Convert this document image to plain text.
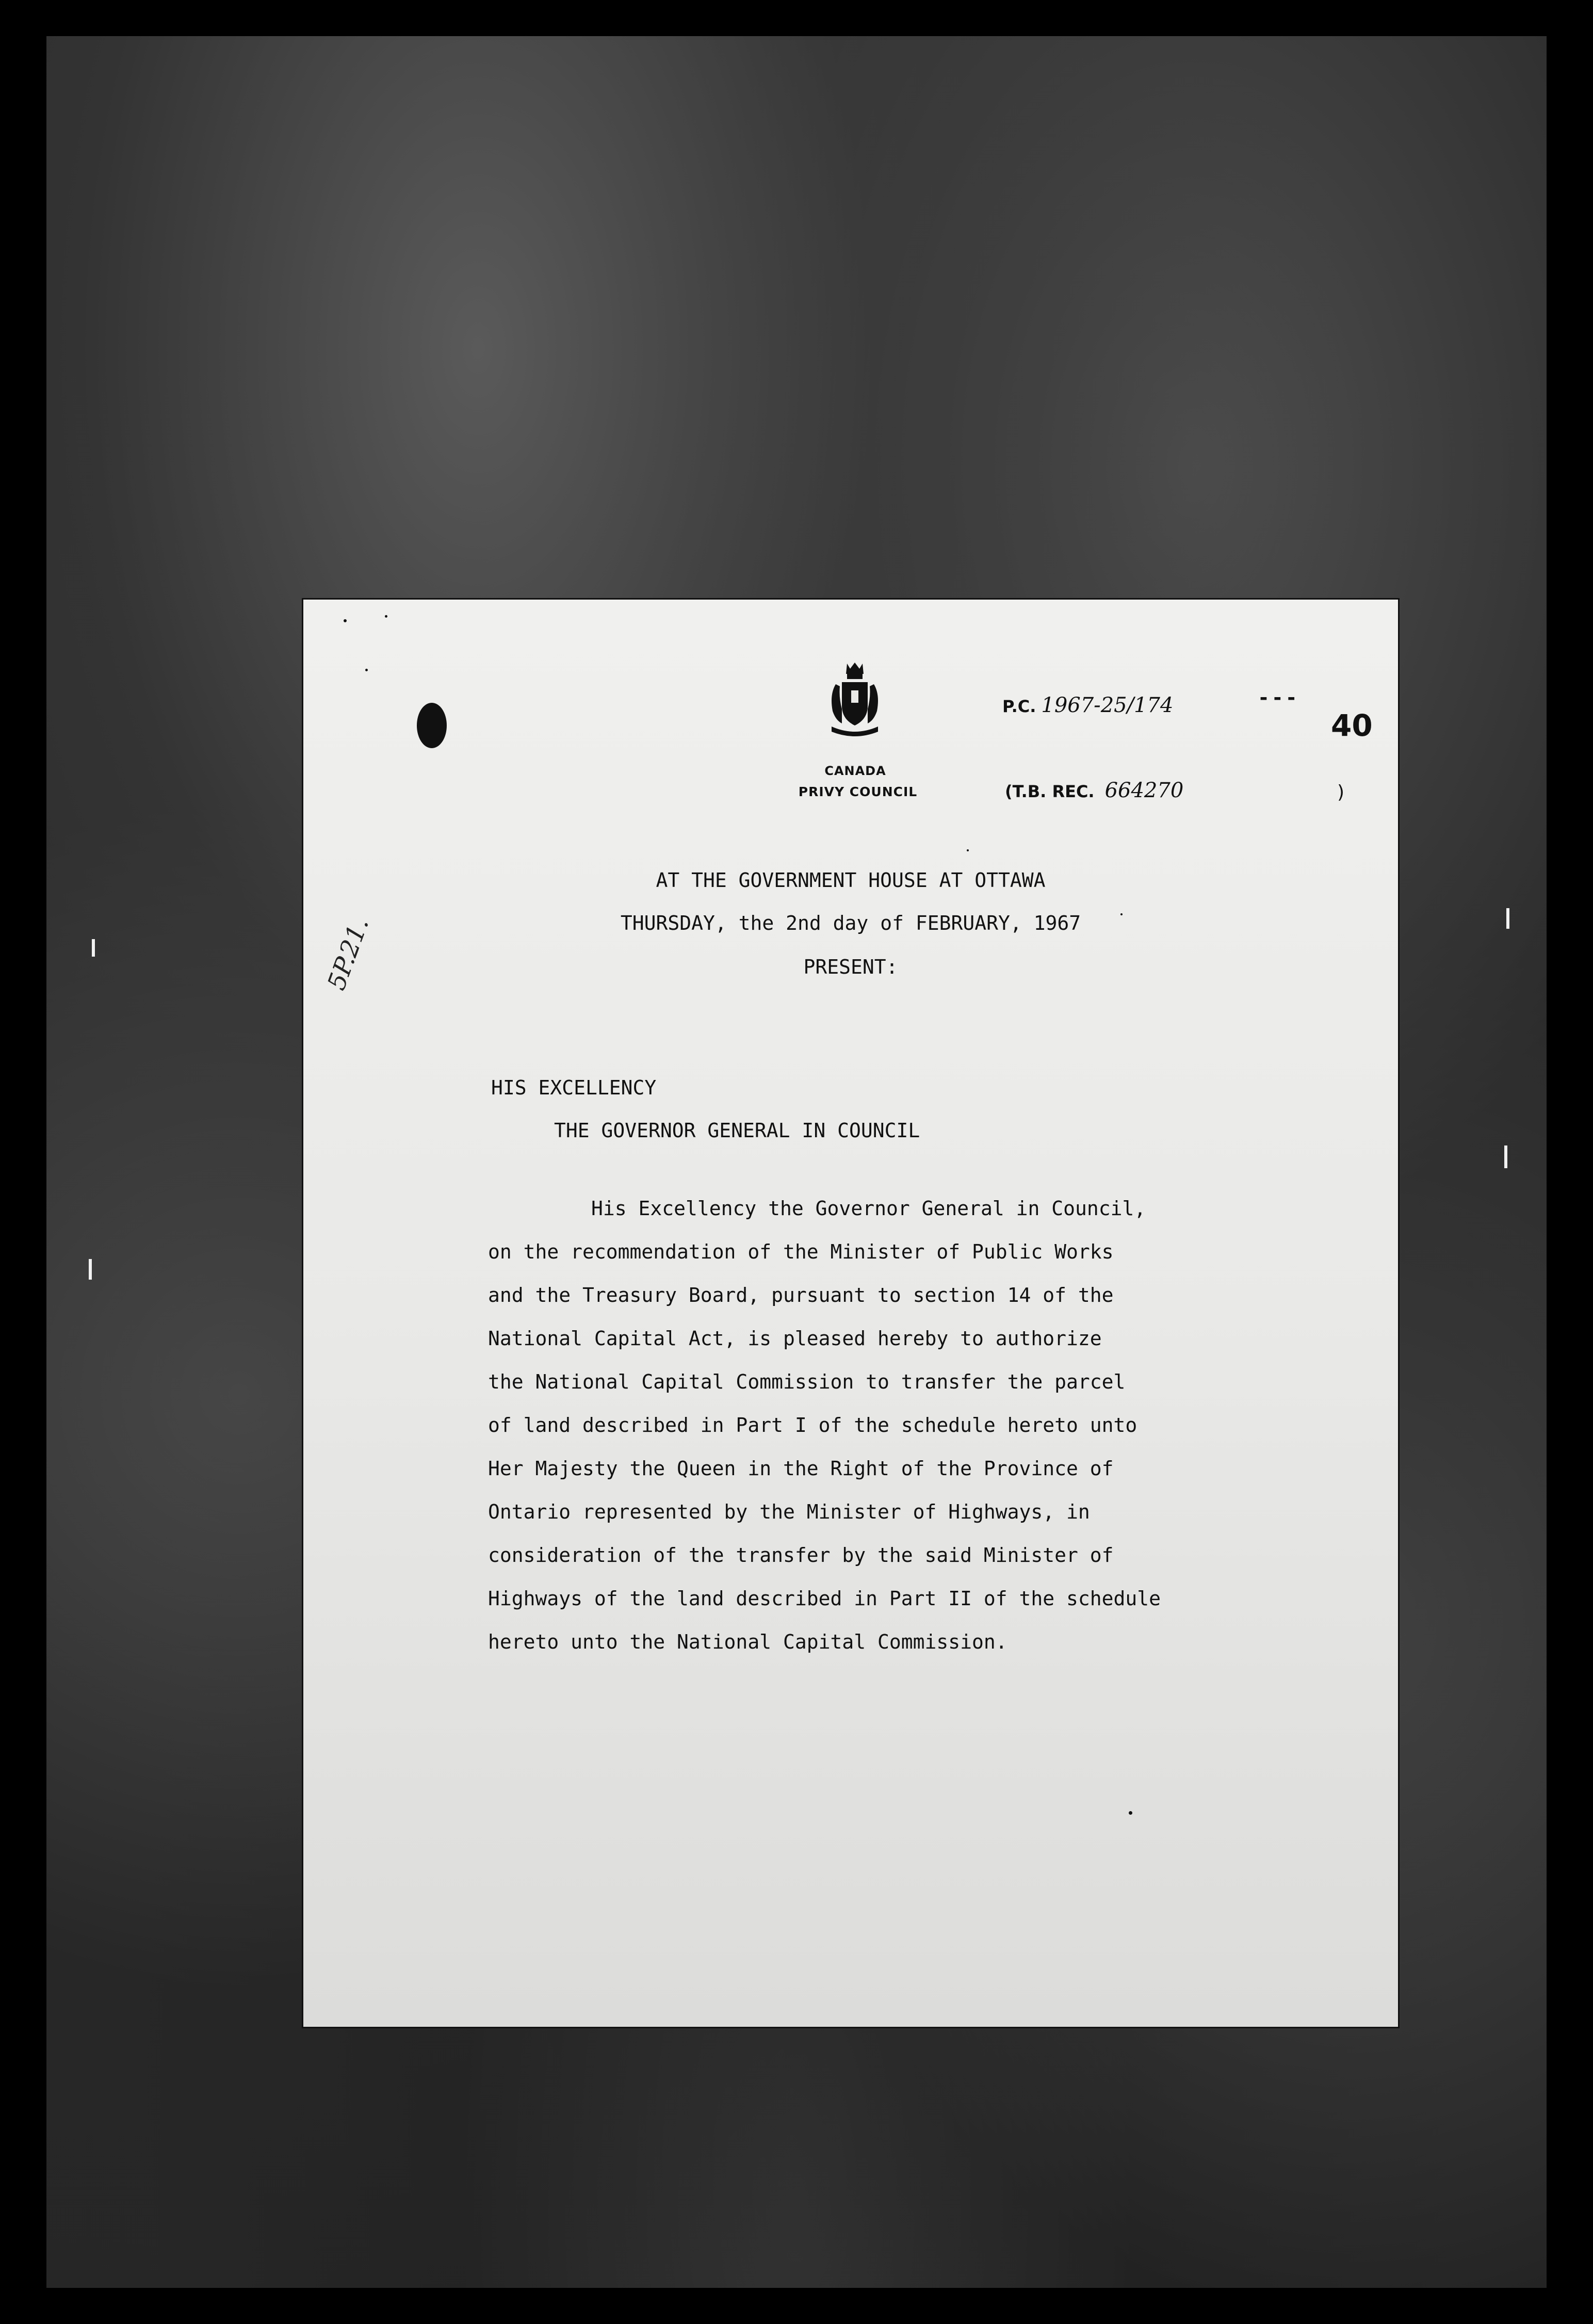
CANADA
PRIVY COUNCIL
P.C. 1967-25/174	---
40
(T.B. REC. 664270	)
AT THE GOVERNMENT HOUSE AT OTTAWA
THURSDAY, the 2nd day of FEBRUARY, 1967
PRESENT:
5P.21.
HIS EXCELLENCY
THE GOVERNOR GENERAL IN COUNCIL
His Excellency the Governor General in Council,
on the recommendation of the Minister of Public Works
and the Treasury Board, pursuant to section 14 of the
National Capital Act, is pleased hereby to authorize
the National Capital Commission to transfer the parcel
of land described in Part I of the schedule hereto unto
Her Majesty the Queen in the Right of the Province of
Ontario represented by the Minister of Highways, in
consideration of the transfer by the said Minister of
Highways of the land described in Part II of the schedule
hereto unto the National Capital Commission.
